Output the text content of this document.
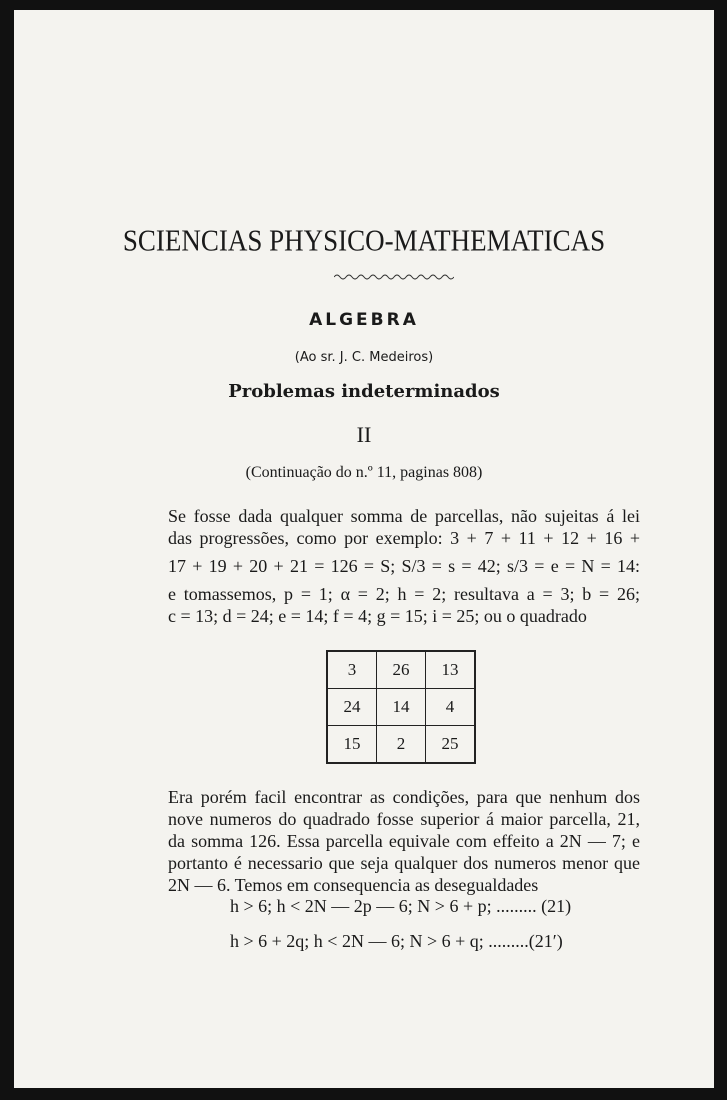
SCIENCIAS PHYSICO-MATHEMATICAS
ALGEBRA
(Ao sr. J. C. Medeiros)
Problemas indeterminados
II
(Continuação do n.º 11, paginas 808)
Se fosse dada qualquer somma de parcellas, não sujeitas á lei
das progressões, como por exemplo: 3 + 7 + 11 + 12 + 16 +
17 + 19 + 20 + 21 = 126 = S; S/3 = s = 42; s/3 = e = N = 14:
e tomassemos, p = 1; α = 2; h = 2; resultava a = 3; b = 26;
c = 13; d = 24; e = 14; f = 4; g = 15; i = 25; ou o quadrado
3	26	13
24	14	4
15	2	25
Era porém facil encontrar as condições, para que nenhum dos
nove numeros do quadrado fosse superior á maior parcella, 21,
da somma 126. Essa parcella equivale com effeito a 2N — 7; e
portanto é necessario que seja qualquer dos numeros menor que
2N — 6. Temos em consequencia as desegualdades
h > 6; h < 2N — 2p — 6; N > 6 + p; ......... (21)
h > 6 + 2q; h < 2N — 6; N > 6 + q; .........(21′)
